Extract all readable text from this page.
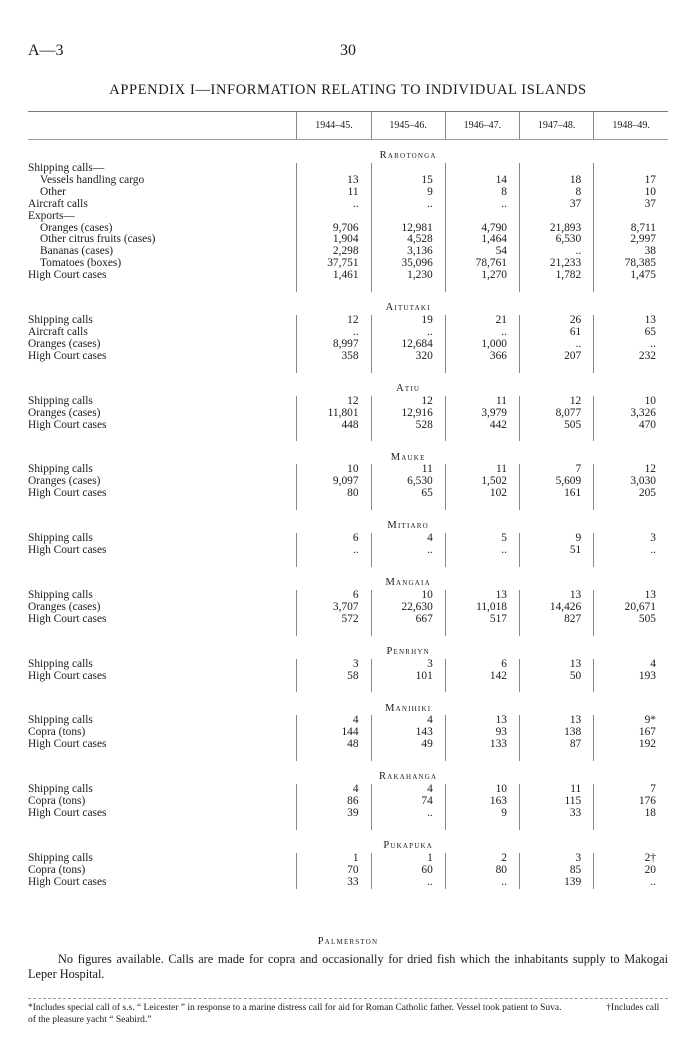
A—3	30
APPENDIX I—INFORMATION RELATING TO INDIVIDUAL ISLANDS
	1944–45.	1945–46.	1946–47.	1947–48.	1948–49.
	Rarotonga				
Shipping calls—					
Vessels handling cargo	13	15	14	18	17
Other	11	9	8	8	10
Aircraft calls	..	..	..	37	37
Exports—					
Oranges (cases)	9,706	12,981	4,790	21,893	8,711
Other citrus fruits (cases)	1,904	4,528	1,464	6,530	2,997
Bananas (cases)	2,298	3,136	54	..	38
Tomatoes (boxes)	37,751	35,096	78,761	21,233	78,385
High Court cases	1,461	1,230	1,270	1,782	1,475

	Aitutaki				
Shipping calls	12	19	21	26	13
Aircraft calls	..	..	..	61	65
Oranges (cases)	8,997	12,684	1,000	..	..
High Court cases	358	320	366	207	232

	Atiu				
Shipping calls	12	12	11	12	10
Oranges (cases)	11,801	12,916	3,979	8,077	3,326
High Court cases	448	528	442	505	470

	Mauke				
Shipping calls	10	11	11	7	12
Oranges (cases)	9,097	6,530	1,502	5,609	3,030
High Court cases	80	65	102	161	205

	Mitiaro				
Shipping calls	6	4	5	9	3
High Court cases	..	..	..	51	..

	Mangaia				
Shipping calls	6	10	13	13	13
Oranges (cases)	3,707	22,630	11,018	14,426	20,671
High Court cases	572	667	517	827	505

	Penrhyn				
Shipping calls	3	3	6	13	4
High Court cases	58	101	142	50	193

	Manihiki				
Shipping calls	4	4	13	13	9*
Copra (tons)	144	143	93	138	167
High Court cases	48	49	133	87	192

	Rakahanga				
Shipping calls	4	4	10	11	7
Copra (tons)	86	74	163	115	176
High Court cases	39	..	9	33	18

	Pukapuka				
Shipping calls	1	1	2	3	2†
Copra (tons)	70	60	80	85	20
High Court cases	33	..	..	139	..
Palmerston
No figures available. Calls are made for copra and occasionally for dried fish which the inhabitants supply to Makogai Leper Hospital.
*Includes special call of s.s. “ Leicester ” in response to a marine distress call for aid for Roman Catholic father. Vessel took patient to Suva.	†Includes call of the pleasure yacht “ Seabird.”
